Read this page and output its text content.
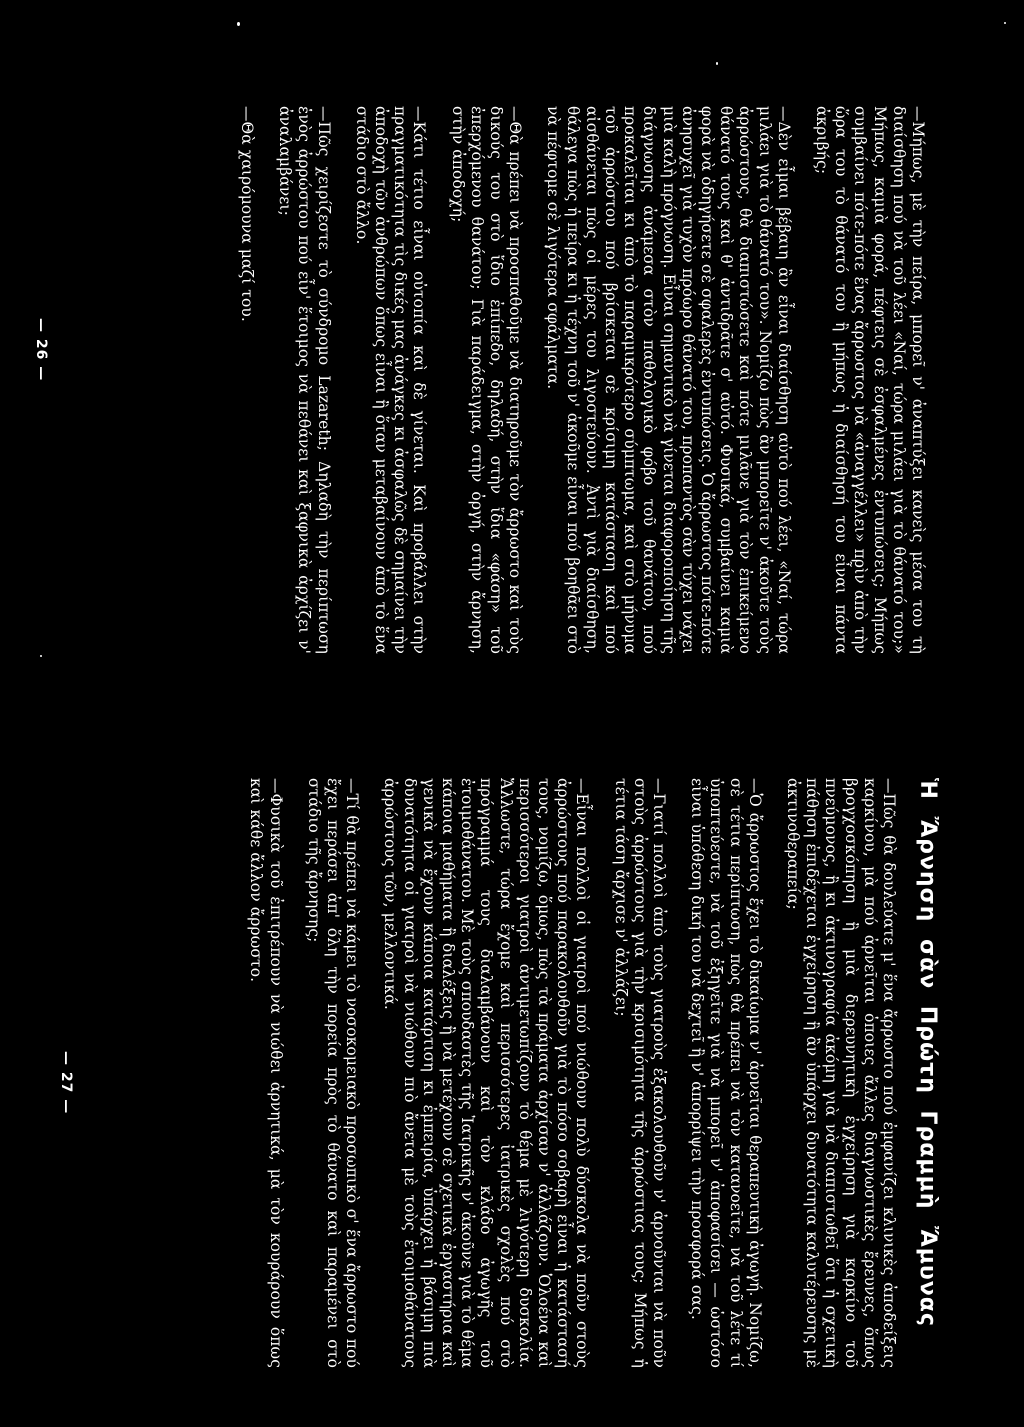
—Μήπως, μὲ τὴν πείρα, μπορεῖ ν' ἀναπτύξει κανεὶς μέσα του τὴ διαίσθηση πού νὰ τοῦ λέει «Ναί, τώρα μιλάει γιὰ τὸ θάνατό του;» Μήπως, καμιὰ φορά, πέφτεις σὲ ἐσφαλμένες ἐντυπώσεις; Μήπως συμβαίνει πότε-πότε ἕνας ἄρρωστος νὰ «ἀναγγέλλει» πρὶν ἀπὸ τὴν ὥρα του τὸ θάνατό του ἢ μήπως ἡ διαίσθησή του εἶναι πάντα ἀκριβής;

—Δὲν εἶμαι βέβαιη ἂν εἶναι διαίσθηση αὐτὸ πού λέει, «Ναί, τώρα μιλάει γιὰ τὸ θάνατό του». Νομίζω πὼς ἂν μπορεῖτε ν' ἀκοῦτε τοὺς ἀρρώστους, θὰ διαπιστώσετε καὶ πότε μιλᾶνε γιὰ τὸν ἐπικείμενο θάνατό τους καὶ θ' ἀντιδρᾶτε σ' αὐτό. Φυσικά, συμβαίνει καμιὰ φορὰ νὰ ὁδηγήσετε σὲ σφαλερὲς ἐντυπώσεις. Ὁ ἄρρωστος πότε-πότε ἀνησυχεῖ γιὰ τυχὸν πρόωρο θάνατό του, προπαντὸς σὰν τύχει νάχει μιὰ καλὴ πρόγνωση. Εἶναι σημαντικὸ νὰ γίνεται διαφοροποίηση τῆς διάγνωσης ἀνάμεσα στὸν παθολογικὸ φόβο τοῦ θανάτου, πού προκαλεῖται κι ἀπὸ τὸ παραμικρότερο σύμπτωμα, καὶ στὸ μήνυμα τοῦ ἀρρώστου πού βρίσκεται σὲ κρίσιμη κατάσταση καὶ πού αἰσθάνεται πὼς οἱ μέρες του λιγοστεύουν. Ἀντὶ γιὰ διαίσθηση, θάλεγα πὼς ἡ πείρα κι ἡ τέχνη τοῦ ν' ἀκοῦμε εἶναι πού βοηθᾶει στὸ νὰ πέφτομε σὲ λιγότερα σφάλματα.

—Θὰ πρέπει νὰ προσπαθοῦμε νὰ διατηροῦμε τὸν ἄρρωστο καὶ τοὺς δικούς του στὸ ἴδιο ἐπίπεδο, δηλαδή, στὴν ἴδια «φάση» τοῦ ἐπερχόμενου θανάτου; Γιὰ παράδειγμα, στὴν ὀργή, στὴν ἄρνηση, στὴν ἀποδοχή;

—Κάτι τέτιο εἶναι οὐτοπία καὶ δὲ γίνεται. Καὶ προβάλλει στὴν πραγματικότητα τὶς δικές μας ἀνάγκες κι ἀσφαλῶς δὲ σημαίνει τὴν ἀποδοχὴ τῶν ἀνθρώπων ὅπως εἶναι ἢ ὅταν μεταβαίνουν ἀπὸ τὸ ἕνα στάδιο στὸ ἄλλο.

—Πῶς χειρίζεστε τὸ σύνδρομο Lazareth; Δηλαδὴ τὴν περίπτωση ἑνὸς ἀρρώστου πού εἶν' ἕτοιμος νὰ πεθάνει καὶ ξαφνικὰ ἀρχίζει ν' ἀναλαμβάνει;

—Θὰ χαιρόμουνα μαζί του.

— 26 —
Ἡ Ἄρνηση σὰν Πρώτη Γραμμὴ Ἄμυνας

—Πῶς θὰ δουλεύατε μ' ἕνα ἄρρωστο πού ἐμφανίζει κλινικὲς ἀποδείξεις καρκίνου, μὰ πού ἀρνεῖται ὁποιες ἄλλες διαγνωστικὲς ἔρευνες, ὅπως βρογχοσκόπηση ἢ μιὰ διερευνητικὴ ἐγχείρηση γιὰ καρκίνο τοῦ πνεύμονος, ἢ κι ἀκτινογραφία ἀκόμη γιὰ νὰ διαπιστωθεῖ ὅτι ἡ σχετικὴ πάθηση ἐπιδέχεται ἐγχείρηση ἢ ἂν ὑπάρχει δυνατότητα καλυτέρευσης μὲ ἀκτινοθεραπεία;

—Ὁ ἄρρωστος ἔχει τὸ δικαίωμα ν' ἀρνεῖται θεραπευτικὴ ἀγωγή. Νομίζω, σὲ τέτια περίπτωση, πὼς θὰ πρέπει νὰ τὸν κατανοεῖτε, νὰ τοῦ λέτε τί ὑποπτεύεστε, νὰ τοῦ ἐξηγεῖτε γιὰ νὰ μπορεῖ ν' ἀποφασίσει — ὡστόσο εἶναι ὑπόθεση δική του νὰ δεχτεῖ ἢ ν' ἀπορρίψει τὴν προσφορά σας.

—Γιατί πολλοὶ ἀπὸ τοὺς γιατροὺς ἐξακολουθοῦν ν' ἀρνοῦνται νὰ ποῦν στοὺς ἀρρώστους γιὰ τὴν κρισιμότητα τῆς ἀρρώστιας τους; Μήπως ἡ τέτια τάση ἄρχισε ν' ἀλλάζει;

—Εἶναι πολλοὶ οἱ γιατροὶ πού νιώθουν πολὺ δύσκολα νὰ ποῦν στοὺς ἀρρώστους πού παρακολουθοῦν γιὰ τὸ πόσο σοβαρὴ εἶναι ἡ κατάστασή τους, νομίζω, ὅμως, πὼς τὰ πράματα ἀρχίσαν ν' ἀλλάζουν. Ὁλοένα καὶ περισσότεροι γιατροὶ ἀντιμετωπίζουν τὸ θέμα μὲ λιγότερη δυσκολία. Ἄλλωστε, τώρα ἔχομε καὶ περισσότερες ἰατρικὲς σχολὲς πού στὸ πρόγραμμά τους διαλαμβάνουν καὶ τὸν κλάδο ἀγωγῆς τοῦ ἐτοιμοθάνατου. Μὲ τοὺς σπουδαστὲς τῆς Ἰατρικῆς ν' ἀκοῦνε γιὰ τὸ θέμα κάποια μαθήματα ἢ διαλέξεις ἢ νὰ μετέχουν σὲ σχετικὰ ἐργαστήρια καὶ γενικὰ νὰ ἔχουν κάποια κατάρτιση κι ἐμπειρία, ὑπάρχει ἡ βάσιμη πιὰ δυνατότητα οἱ γιατροὶ νὰ νιώθουν πιὸ ἄνετα μὲ τοὺς ἐτοιμοθάνατους ἀρρώστους τῶν, μελλοντικά.

—Τί θὰ πρέπει νὰ κάμει τὸ νοσοκομειακὸ προσωπικὸ σ' ἕνα ἄρρωστο πού ἔχει περάσει ἀπ' ὅλη τὴν πορεία πρὸς τὸ θάνατο καὶ παραμένει στὸ στάδιο τῆς ἄρνησης;

—Φυσικὰ τοῦ ἐπιτρέπουν νὰ νιώθει ἀρνητικά, μὰ τὸν κουράρουν ὅπως καὶ κάθε ἄλλον ἄρρωστο.

— 27 —
